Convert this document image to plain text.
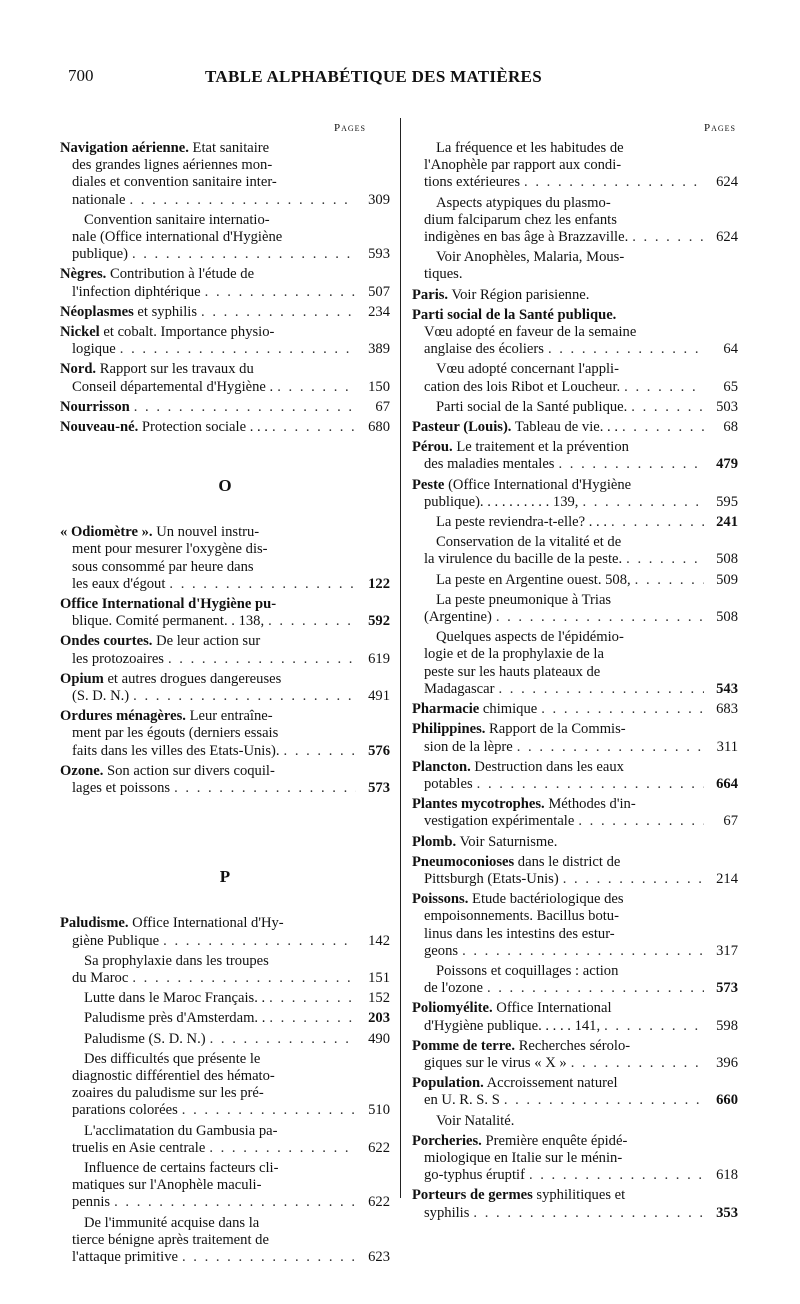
700	TABLE ALPHABÉTIQUE DES MATIÈRES
Pages
Navigation aérienne. Etat sanitaire
des grandes lignes aériennes mon-
diales et convention sanitaire inter-
nationale . . .	309
Convention sanitaire internatio-
nale (Office international d'Hygiène
publique) . . .	593
Nègres. Contribution à l'étude de
l'infection diphtérique . . .	507
Néoplasmes et syphilis . . .	234
Nickel et cobalt. Importance physio-
logique . . .	389
Nord. Rapport sur les travaux du
Conseil départemental d'Hygiène . . . .	150
Nourrisson . . .	67
Nouveau-né. Protection sociale . . . . . .	680
O
« Odiomètre ». Un nouvel instru-
ment pour mesurer l'oxygène dis-
sous consommé par heure dans
les eaux d'égout . . .	122
Office International d'Hygiène pu-
blique. Comité permanent. . 138, . . .	592
Ondes courtes. De leur action sur
les protozoaires . . .	619
Opium et autres drogues dangereuses
(S. D. N.) . . .	491
Ordures ménagères. Leur entraîne-
ment par les égouts (derniers essais
faits dans les villes des Etats-Unis). . . .	576
Ozone. Son action sur divers coquil-
lages et poissons . . .	573
P
Paludisme. Office International d'Hy-
giène Publique . . .	142
Sa prophylaxie dans les troupes
du Maroc . . .	151
Lutte dans le Maroc Français. . . . .	152
Paludisme près d'Amsterdam. . . . .	203
Paludisme (S. D. N.) . . .	490
Des difficultés que présente le
diagnostic différentiel des hémato-
zoaires du paludisme sur les pré-
parations colorées . . .	510
L'acclimatation du Gambusia pa-
truelis en Asie centrale . . .	622
Influence de certains facteurs cli-
matiques sur l'Anophèle maculi-
pennis . . .	622
De l'immunité acquise dans la
tierce bénigne après traitement de
l'attaque primitive . . .	623
Pages
La fréquence et les habitudes de
l'Anophèle par rapport aux condi-
tions extérieures . . .	624
Aspects atypiques du plasmo-
dium falciparum chez les enfants
indigènes en bas âge à Brazzaville. . . .	624
Voir Anophèles, Malaria, Mous-
tiques.
Paris. Voir Région parisienne.
Parti social de la Santé publique.
Vœu adopté en faveur de la semaine
anglaise des écoliers . . .	64
Vœu adopté concernant l'appli-
cation des lois Ribot et Loucheur. . . .	65
Parti social de la Santé publique. . . .	503
Pasteur (Louis). Tableau de vie. . . . . .	68
Pérou. Le traitement et la prévention
des maladies mentales . . .	479
Peste (Office International d'Hygiène
publique). . . . . . . . . . 139, . . .	595
La peste reviendra-t-elle? . . . . . .	241
Conservation de la vitalité et de
la virulence du bacille de la peste. . . .	508
La peste en Argentine ouest. 508, . . .	509
La peste pneumonique à Trias
(Argentine) . . .	508
Quelques aspects de l'épidémio-
logie et de la prophylaxie de la
peste sur les hauts plateaux de
Madagascar . . .	543
Pharmacie chimique . . .	683
Philippines. Rapport de la Commis-
sion de la lèpre . . .	311
Plancton. Destruction dans les eaux
potables . . .	664
Plantes mycotrophes. Méthodes d'in-
vestigation expérimentale . . .	67
Plomb. Voir Saturnisme.
Pneumoconioses dans le district de
Pittsburgh (Etats-Unis) . . .	214
Poissons. Etude bactériologique des
empoisonnements. Bacillus botu-
linus dans les intestins des estur-
geons . . .	317
Poissons et coquillages : action
de l'ozone . . .	573
Poliomyélite. Office International
d'Hygiène publique. . . . . 141, . . .	598
Pomme de terre. Recherches sérolo-
giques sur le virus « X » . . .	396
Population. Accroissement naturel
en U. R. S. S . . .	660
Voir Natalité.
Porcheries. Première enquête épidé-
miologique en Italie sur le ménin-
go-typhus éruptif . . .	618
Porteurs de germes syphilitiques et
syphilis . . .	353
